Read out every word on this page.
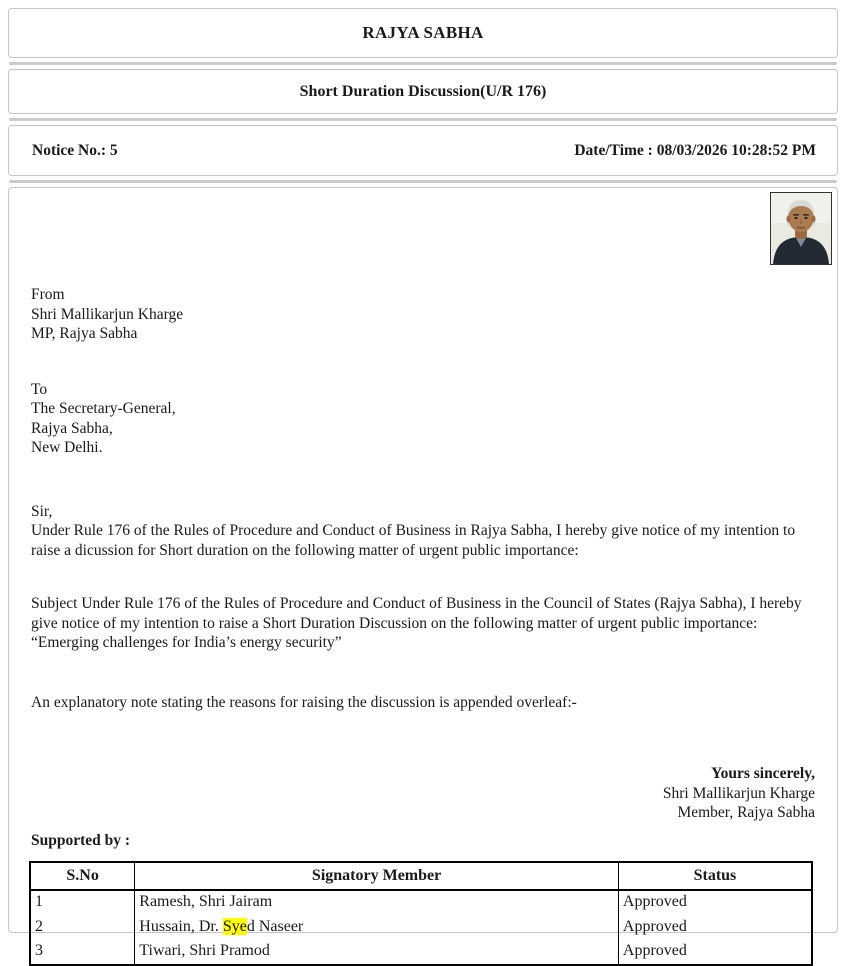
RAJYA SABHA
Short Duration Discussion(U/R 176)
Notice No.: 5	Date/Time : 08/03/2026 10:28:52 PM
From
Shri Mallikarjun Kharge
MP, Rajya Sabha
To
The Secretary-General,
Rajya Sabha,
New Delhi.
Sir,
Under Rule 176 of the Rules of Procedure and Conduct of Business in Rajya Sabha, I hereby give notice of my intention to raise a dicussion for Short duration on the following matter of urgent public importance:
Subject Under Rule 176 of the Rules of Procedure and Conduct of Business in the Council of States (Rajya Sabha), I hereby give notice of my intention to raise a Short Duration Discussion on the following matter of urgent public importance: “Emerging challenges for India’s energy security”
An explanatory note stating the reasons for raising the discussion is appended overleaf:-
Yours sincerely,
Shri Mallikarjun Kharge
Member, Rajya Sabha
Supported by :
S.No	Signatory Member	Status
1	Ramesh, Shri Jairam	Approved
2	Hussain, Dr. Syed Naseer	Approved
3	Tiwari, Shri Pramod	Approved
